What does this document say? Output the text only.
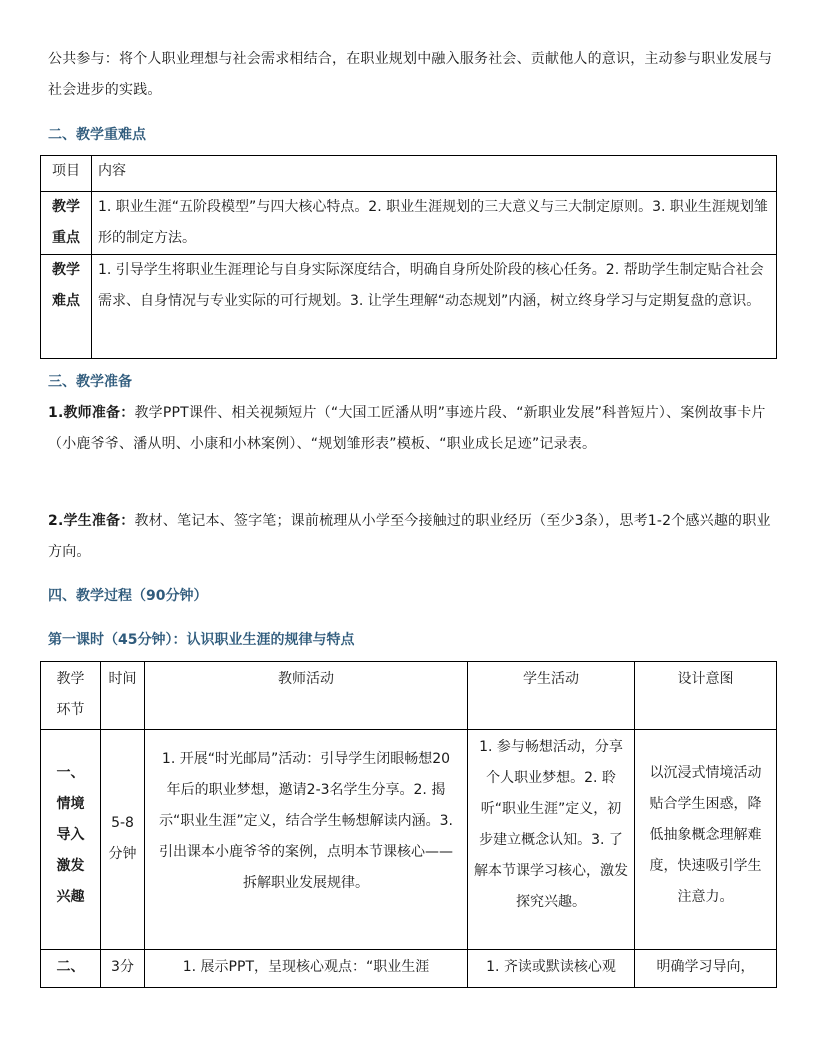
公共参与：将个人职业理想与社会需求相结合，在职业规划中融入服务社会、贡献他人的意识，主动参与职业发展与社会进步的实践。

二、教学重难点

项目	内容
教学重点	1. 职业生涯“五阶段模型”与四大核心特点。2. 职业生涯规划的三大意义与三大制定原则。3. 职业生涯规划雏形的制定方法。
教学难点	1. 引导学生将职业生涯理论与自身实际深度结合，明确自身所处阶段的核心任务。2. 帮助学生制定贴合社会需求、自身情况与专业实际的可行规划。3. 让学生理解“动态规划”内涵，树立终身学习与定期复盘的意识。

三、教学准备

1.教师准备：教学PPT课件、相关视频短片（“大国工匠潘从明”事迹片段、“新职业发展”科普短片）、案例故事卡片（小鹿爷爷、潘从明、小康和小林案例）、“规划雏形表”模板、“职业成长足迹”记录表。

2.学生准备：教材、笔记本、签字笔；课前梳理从小学至今接触过的职业经历（至少3条），思考1-2个感兴趣的职业方向。

四、教学过程（90分钟）

第一课时（45分钟）：认识职业生涯的规律与特点

教学环节	时间	教师活动	学生活动	设计意图
一、情境导入激发兴趣	5-8分钟	1. 开展“时光邮局”活动：引导学生闭眼畅想20年后的职业梦想，邀请2-3名学生分享。2. 揭示“职业生涯”定义，结合学生畅想解读内涵。3. 引出课本小鹿爷爷的案例，点明本节课核心——拆解职业发展规律。	1. 参与畅想活动，分享个人职业梦想。2. 聆听“职业生涯”定义，初步建立概念认知。3. 了解本节课学习核心，激发探究兴趣。	以沉浸式情境活动贴合学生困惑，降低抽象概念理解难度，快速吸引学生注意力。
二、	3分	1. 展示PPT，呈现核心观点：“职业生涯	1. 齐读或默读核心观	明确学习导向，
